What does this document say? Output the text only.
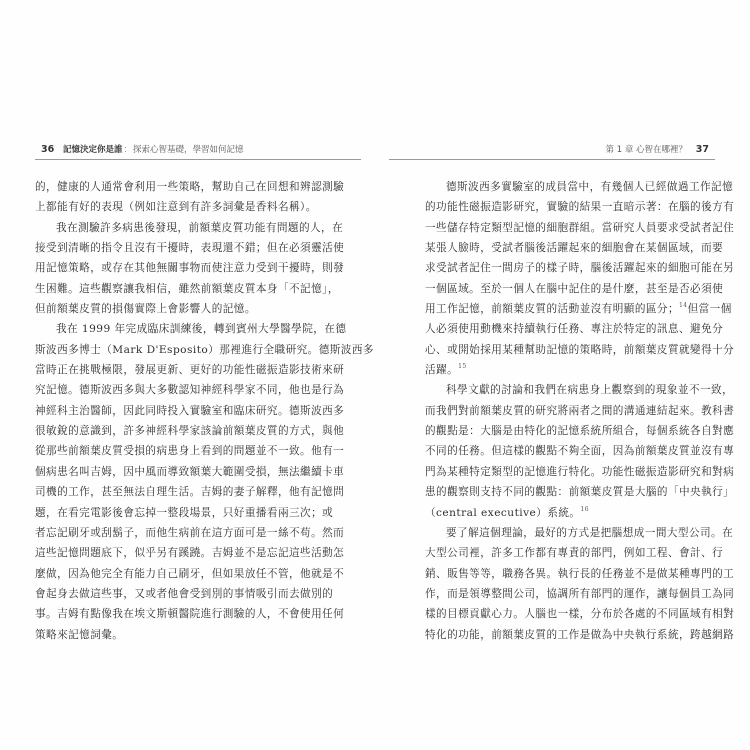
36 記憶決定你是誰：探索心智基礎，學習如何記憶
的，健康的人通常會利用一些策略，幫助自己在回想和辨認測驗
上都能有好的表現（例如注意到有許多詞彙是香料名稱）。
我在測驗許多病患後發現，前額葉皮質功能有問題的人，在
接受到清晰的指令且沒有干擾時，表現還不錯；但在必須靈活使
用記憶策略，或存在其他無關事物而使注意力受到干擾時，則發
生困難。這些觀察讓我相信，雖然前額葉皮質本身「不記憶」，
但前額葉皮質的損傷實際上會影響人的記憶。
我在 1999 年完成臨床訓練後，轉到賓州大學醫學院，在德
斯波西多博士（Mark D'Esposito）那裡進行全職研究。德斯波西多
當時正在挑戰極限，發展更新、更好的功能性磁振造影技術來研
究記憶。德斯波西多與大多數認知神經科學家不同，他也是行為
神經科主治醫師，因此同時投入實驗室和臨床研究。德斯波西多
很敏銳的意識到，許多神經科學家該論前額葉皮質的方式，與他
從那些前額葉皮質受損的病患身上看到的問題並不一致。他有一
個病患名叫吉姆，因中風而導致額葉大範圍受損，無法繼續卡車
司機的工作，甚至無法自理生活。吉姆的妻子解釋，他有記憶問
題，在看完電影後會忘掉一整段場景，只好重播看兩三次；或
者忘記刷牙或刮鬍子，而他生病前在這方面可是一絲不苟。然而
這些記憶問題底下，似乎另有蹊蹺。吉姆並不是忘記這些活動怎
麼做，因為他完全有能力自己刷牙，但如果放任不管，他就是不
會起身去做這些事，又或者他會受到別的事情吸引而去做別的
事。吉姆有點像我在埃文斯頓醫院進行測驗的人，不會使用任何
策略來記憶詞彙。
第 1 章 心智在哪裡？ 37
德斯波西多實驗室的成員當中，有幾個人已經做過工作記憶
的功能性磁振造影研究，實驗的結果一直暗示著：在腦的後方有
一些儲存特定類型記憶的細胞群組。當研究人員要求受試者記住
某張人臉時，受試者腦後活躍起來的細胞會在某個區域，而要
求受試者記住一間房子的樣子時，腦後活躍起來的細胞可能在另
一個區域。至於一個人在腦中記住的是什麼，甚至是否必須使
用工作記憶，前額葉皮質的活動並沒有明顯的區分；$^{14}$但當一個
人必須使用動機來持續執行任務、專注於特定的訊息、避免分
心、或開始採用某種幫助記憶的策略時，前額葉皮質就變得十分
活躍。$^{15}$
科學文獻的討論和我們在病患身上觀察到的現象並不一致，
而我們對前額葉皮質的研究將兩者之間的溝通連結起來。教科書
的觀點是：大腦是由特化的記憶系統所組合，每個系統各自對應
不同的任務。但這樣的觀點不夠全面，因為前額葉皮質並沒有專
門為某種特定類型的記憶進行特化。功能性磁振造影研究和對病
患的觀察則支持不同的觀點：前額葉皮質是大腦的「中央執行」
（central executive）系統。$^{16}$
要了解這個理論，最好的方式是把腦想成一間大型公司。在
大型公司裡，許多工作都有專責的部門，例如工程、會計、行
銷、販售等等，職務各異。執行長的任務並不是做某種專門的工
作，而是領導整間公司，協調所有部門的運作，讓每個員工為同
樣的目標貢獻心力。人腦也一樣，分布於各處的不同區域有相對
特化的功能，前額葉皮質的工作是做為中央執行系統，跨越網路
